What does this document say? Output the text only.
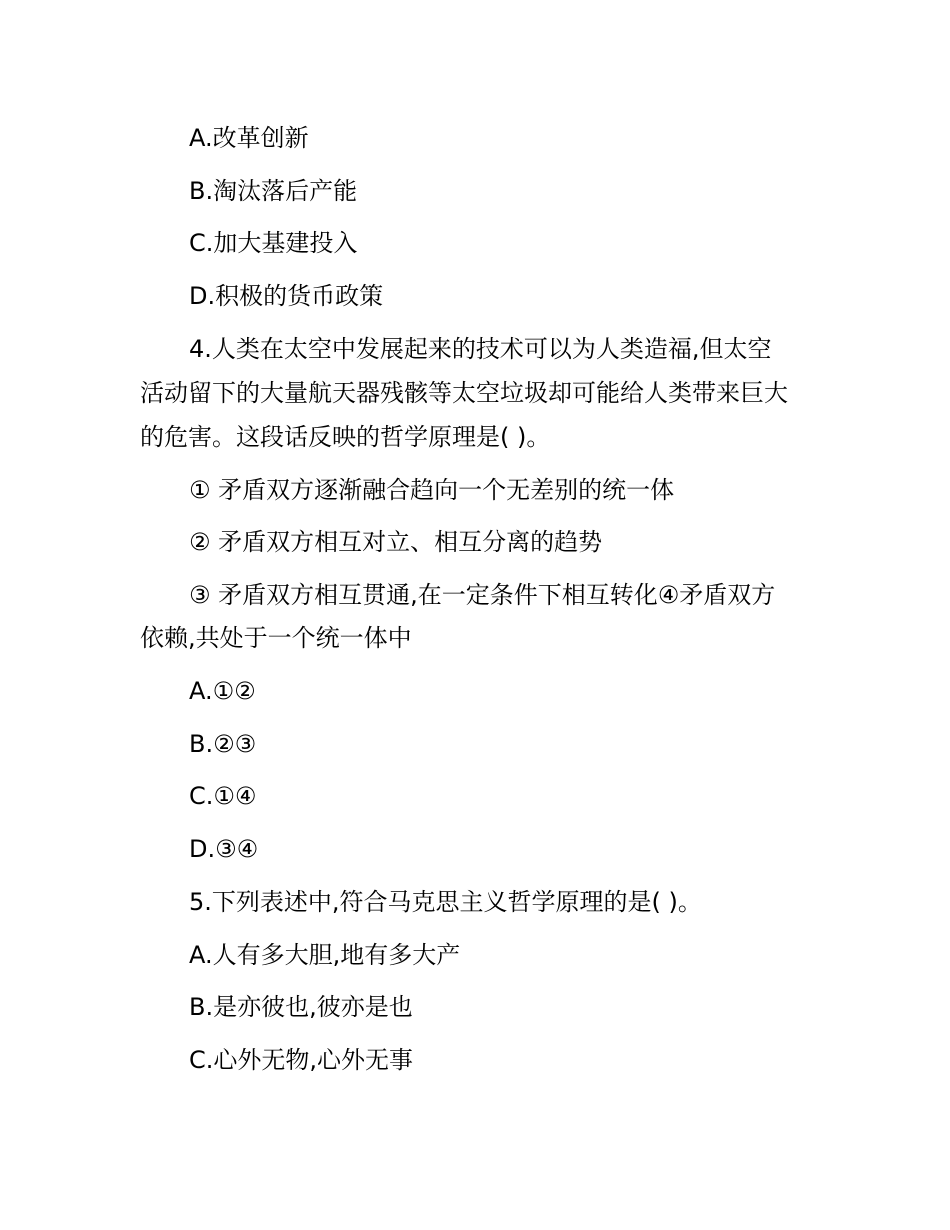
A.改革创新
B.淘汰落后产能
C.加大基建投入
D.积极的货币政策
4.人类在太空中发展起来的技术可以为人类造福,但太空
活动留下的大量航天器残骸等太空垃圾却可能给人类带来巨大
的危害。这段话反映的哲学原理是( )。
① 矛盾双方逐渐融合趋向一个无差别的统一体
② 矛盾双方相互对立、相互分离的趋势
③ 矛盾双方相互贯通,在一定条件下相互转化④矛盾双方
依赖,共处于一个统一体中
A.①②
B.②③
C.①④
D.③④
5.下列表述中,符合马克思主义哲学原理的是( )。
A.人有多大胆,地有多大产
B.是亦彼也,彼亦是也
C.心外无物,心外无事
